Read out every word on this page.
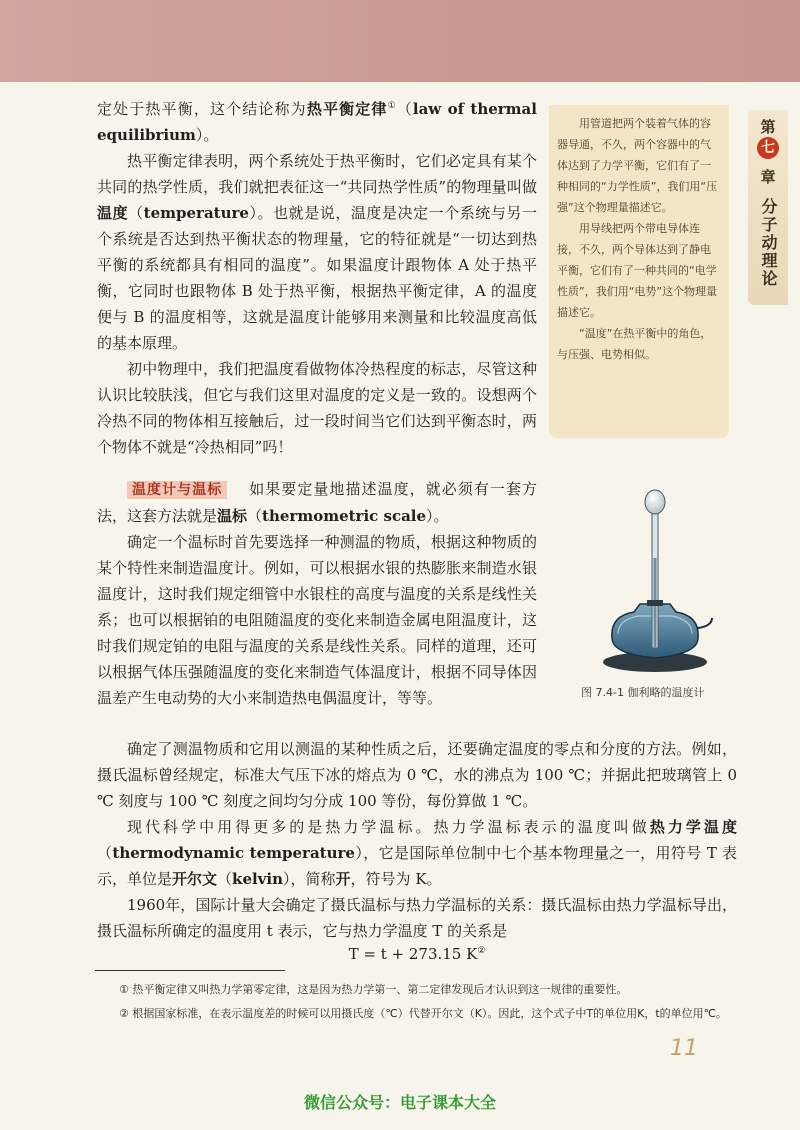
第
七
章
分子动理论

定处于热平衡，这个结论称为热平衡定律①（law of thermal equilibrium）。

热平衡定律表明，两个系统处于热平衡时，它们必定具有某个共同的热学性质，我们就把表征这一“共同热学性质”的物理量叫做温度（temperature）。也就是说，温度是决定一个系统与另一个系统是否达到热平衡状态的物理量，它的特征就是“一切达到热平衡的系统都具有相同的温度”。如果温度计跟物体 A 处于热平衡，它同时也跟物体 B 处于热平衡，根据热平衡定律，A 的温度便与 B 的温度相等，这就是温度计能够用来测量和比较温度高低的基本原理。

初中物理中，我们把温度看做物体冷热程度的标志，尽管这种认识比较肤浅，但它与我们这里对温度的定义是一致的。设想两个冷热不同的物体相互接触后，过一段时间当它们达到平衡态时，两个物体不就是“冷热相同”吗！

温度计与温标 　 如果要定量地描述温度，就必须有一套方法，这套方法就是温标（thermometric scale）。

确定一个温标时首先要选择一种测温的物质，根据这种物质的某个特性来制造温度计。例如，可以根据水银的热膨胀来制造水银温度计，这时我们规定细管中水银柱的高度与温度的关系是线性关系；也可以根据铂的电阻随温度的变化来制造金属电阻温度计，这时我们规定铂的电阻与温度的关系是线性关系。同样的道理，还可以根据气体压强随温度的变化来制造气体温度计，根据不同导体因温差产生电动势的大小来制造热电偶温度计，等等。

确定了测温物质和它用以测温的某种性质之后，还要确定温度的零点和分度的方法。例如，摄氏温标曾经规定，标准大气压下冰的熔点为 0 ℃，水的沸点为 100 ℃；并据此把玻璃管上 0 ℃ 刻度与 100 ℃ 刻度之间均匀分成 100 等份，每份算做 1 ℃。

现代科学中用得更多的是热力学温标。热力学温标表示的温度叫做热力学温度（thermodynamic temperature），它是国际单位制中七个基本物理量之一，用符号 T 表示，单位是开尔文（kelvin），简称开，符号为 K。

1960年，国际计量大会确定了摄氏温标与热力学温标的关系：摄氏温标由热力学温标导出，摄氏温标所确定的温度用 t 表示，它与热力学温度 T 的关系是

T = t + 273.15 K②

用管道把两个装着气体的容器导通，不久，两个容器中的气体达到了力学平衡，它们有了一种相同的“力学性质”，我们用“压强”这个物理量描述它。

用导线把两个带电导体连接，不久，两个导体达到了静电平衡，它们有了一种共同的“电学性质”，我们用“电势”这个物理量描述它。

“温度”在热平衡中的角色，与压强、电势相似。

图 7.4-1 伽利略的温度计

① 热平衡定律又叫热力学第零定律，这是因为热力学第一、第二定律发现后才认识到这一规律的重要性。

② 根据国家标准，在表示温度差的时候可以用摄氏度（℃）代替开尔文（K）。因此，这个式子中T的单位用K，t的单位用℃。

11
微信公众号：电子课本大全
